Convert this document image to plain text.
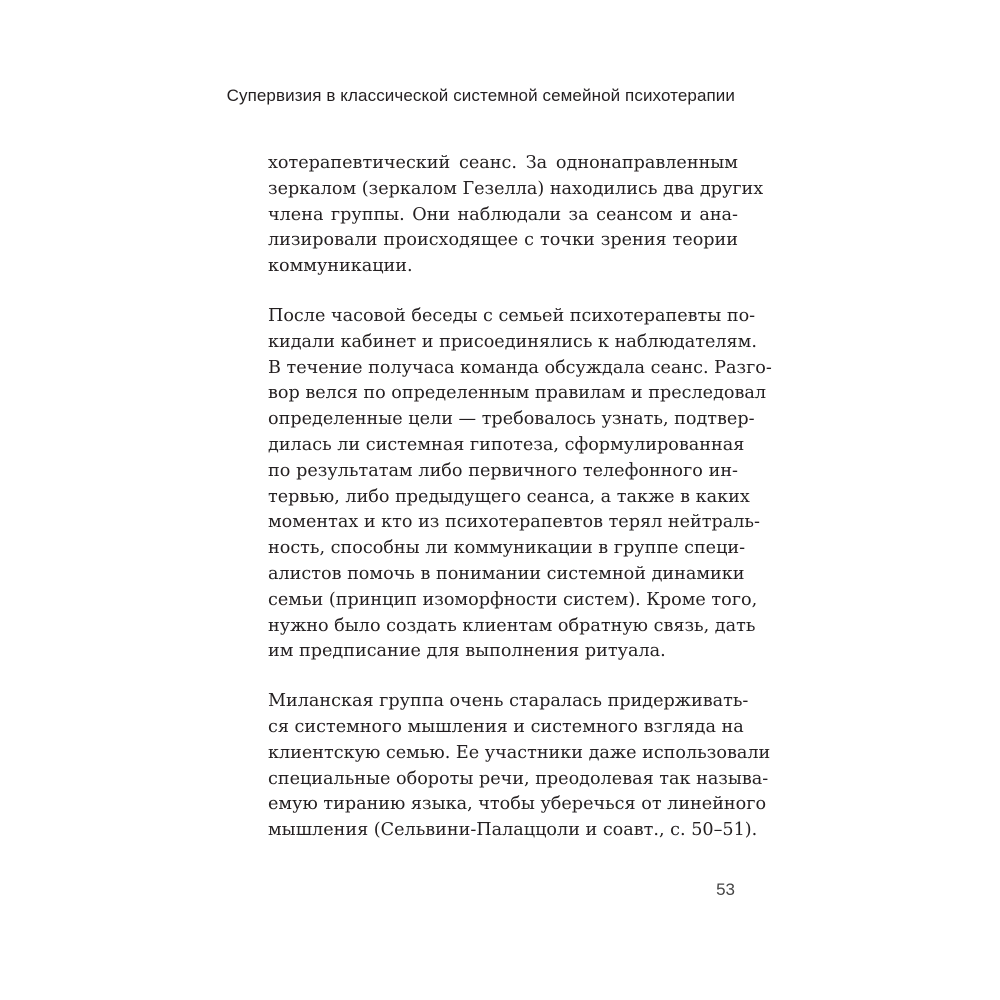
Супервизия в классической системной семейной психотерапии

хотерапевтический сеанс. За однонаправленным
зеркалом (зеркалом Гезелла) находились два других
члена группы. Они наблюдали за сеансом и ана-
лизировали происходящее с точки зрения теории
коммуникации.

После часовой беседы с семьей психотерапевты по-
кидали кабинет и присоединялись к наблюдателям.
В течение получаса команда обсуждала сеанс. Разго-
вор велся по определенным правилам и преследовал
определенные цели — требовалось узнать, подтвер-
дилась ли системная гипотеза, сформулированная
по результатам либо первичного телефонного ин-
тервью, либо предыдущего сеанса, а также в каких
моментах и кто из психотерапевтов терял нейтраль-
ность, способны ли коммуникации в группе специ-
алистов помочь в понимании системной динамики
семьи (принцип изоморфности систем). Кроме того,
нужно было создать клиентам обратную связь, дать
им предписание для выполнения ритуала.

Миланская группа очень старалась придерживать-
ся системного мышления и системного взгляда на
клиентскую семью. Ее участники даже использовали
специальные обороты речи, преодолевая так называ-
емую тиранию языка, чтобы уберечься от линейного
мышления (Сельвини-Палаццоли и соавт., с. 50–51).

53
